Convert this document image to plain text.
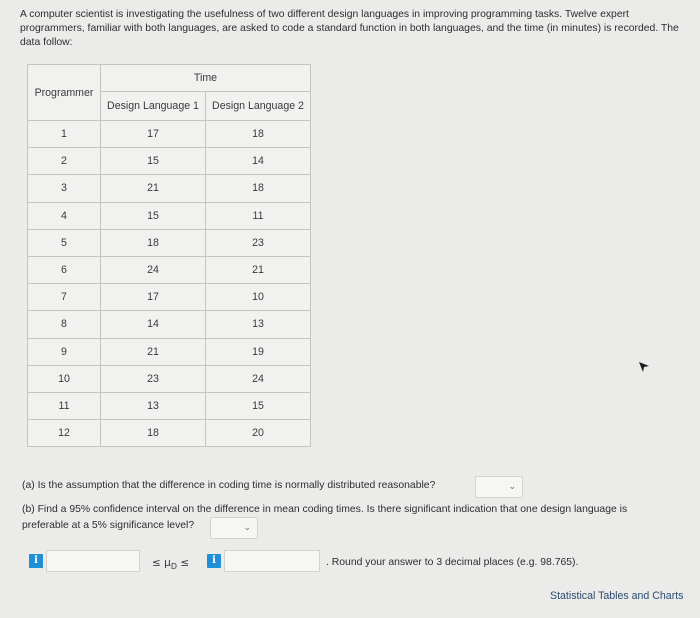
A computer scientist is investigating the usefulness of two different design languages in improving programming tasks. Twelve expert programmers, familiar with both languages, are asked to code a standard function in both languages, and the time (in minutes) is recorded. The data follow:
Programmer	Time	
	Design Language 1	Design Language 2
1	17	18
2	15	14
3	21	18
4	15	11
5	18	23
6	24	21
7	17	10
8	14	13
9	21	19
10	23	24
11	13	15
12	18	20
(a) Is the assumption that the difference in coding time is normally distributed reasonable?	⌄
(b) Find a 95% confidence interval on the difference in mean coding times. Is there significant indication that one design language is
preferable at a 5% significance level?	⌄
i	≤ $\mu_D$ ≤	i	. Round your answer to 3 decimal places (e.g. 98.765).
Statistical Tables and Charts
